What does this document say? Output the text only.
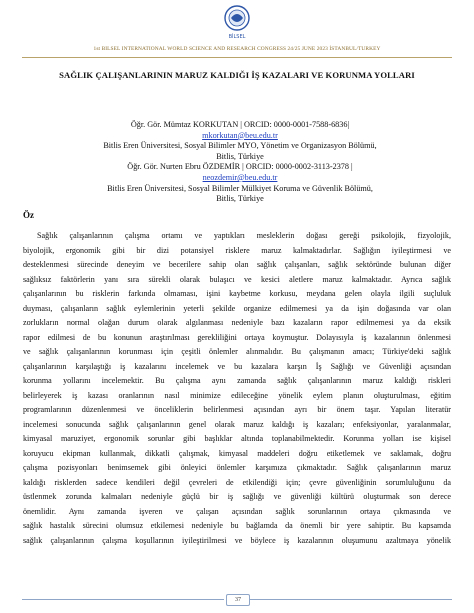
BİLSEL
1st BILSEL INTERNATIONAL WORLD SCIENCE AND RESEARCH CONGRESS 24/25 JUNE 2023 İSTANBUL/TURKEY
SAĞLIK ÇALIŞANLARININ MARUZ KALDIĞI İŞ KAZALARI VE KORUNMA YOLLARI
Öğr. Gör. Mümtaz KORKUTAN | ORCID: 0000-0001-7588-6836|
mkorkutan@beu.edu.tr
Bitlis Eren Üniversitesi, Sosyal Bilimler MYO, Yönetim ve Organizasyon Bölümü,
Bitlis, Türkiye
Öğr. Gör. Nurten Ebru ÖZDEMİR | ORCID: 0000-0002-3113-2378 |
neozdemir@beu.edu.tr
Bitlis Eren Üniversitesi, Sosyal Bilimler Mülkiyet Koruma ve Güvenlik Bölümü,
Bitlis, Türkiye
Öz
Sağlık çalışanlarının çalışma ortamı ve yaptıkları mesleklerin doğası gereği psikolojik, fizyolojik,
biyolojik, ergonomik gibi bir dizi potansiyel risklere maruz kalmaktadırlar. Sağlığın iyileştirmesi ve
desteklenmesi sürecinde deneyim ve becerilere sahip olan sağlık çalışanları, sağlık sektöründe bulunan diğer
sağlıksız faktörlerin yanı sıra sürekli olarak bulaşıcı ve kesici aletlere maruz kalmaktadır. Ayrıca sağlık
çalışanlarının bu risklerin farkında olmaması, işini kaybetme korkusu, meydana gelen olayla ilgili suçluluk
duyması, çalışanların sağlık eylemlerinin yeterli şekilde organize edilmemesi ya da işin doğasında var olan
zorlukların normal olağan durum olarak algılanması nedeniyle bazı kazaların rapor edilmemesi ya da eksik
rapor edilmesi de bu konunun araştırılması gerekliliğini ortaya koymuştur. Dolayısıyla iş kazalarının önlenmesi
ve sağlık çalışanlarının korunması için çeşitli önlemler alınmalıdır. Bu çalışmanın amacı; Türkiye'deki sağlık
çalışanlarının karşılaştığı iş kazalarını incelemek ve bu kazalara karşın İş Sağlığı ve Güvenliği açısından
korunma yollarını incelemektir. Bu çalışma aynı zamanda sağlık çalışanlarının maruz kaldığı riskleri
belirleyerek iş kazası oranlarının nasıl minimize edileceğine yönelik eylem planın oluşturulması, eğitim
programlarının düzenlenmesi ve önceliklerin belirlenmesi açısından ayrı bir önem taşır. Yapılan literatür
incelemesi sonucunda sağlık çalışanlarının genel olarak maruz kaldığı iş kazaları; enfeksiyonlar, yaralanmalar,
kimyasal maruziyet, ergonomik sorunlar gibi başlıklar altında toplanabilmektedir. Korunma yolları ise kişisel
koruyucu ekipman kullanmak, dikkatli çalışmak, kimyasal maddeleri doğru etiketlemek ve saklamak, doğru
çalışma pozisyonları benimsemek gibi önleyici önlemler karşımıza çıkmaktadır. Sağlık çalışanlarının maruz
kaldığı risklerden sadece kendileri değil çevreleri de etkilendiği için; çevre güvenliğinin sorumluluğunu da
üstlenmek zorunda kalmaları nedeniyle güçlü bir iş sağlığı ve güvenliği kültürü oluşturmak son derece
önemlidir. Aynı zamanda işveren ve çalışan açısından sağlık sorunlarının ortaya çıkmasında ve
sağlık hastalık sürecini olumsuz etkilemesi nedeniyle bu bağlamda da önemli bir yere sahiptir. Bu kapsamda
sağlık çalışanlarının çalışma koşullarının iyileştirilmesi ve böylece iş kazalarının oluşumunu azaltmaya yönelik
37
